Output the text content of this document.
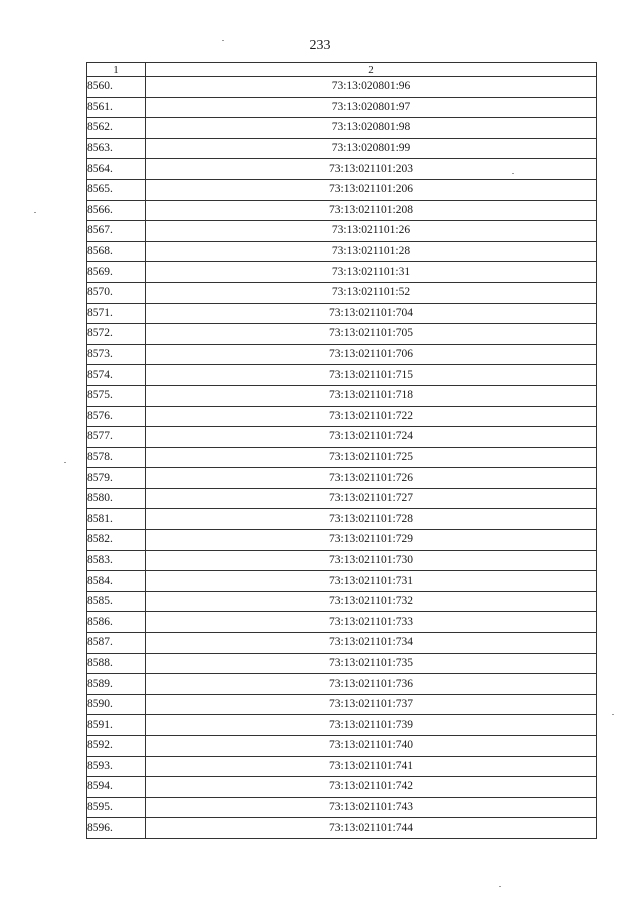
233
1	2
8560.	73:13:020801:96
8561.	73:13:020801:97
8562.	73:13:020801:98
8563.	73:13:020801:99
8564.	73:13:021101:203
8565.	73:13:021101:206
8566.	73:13:021101:208
8567.	73:13:021101:26
8568.	73:13:021101:28
8569.	73:13:021101:31
8570.	73:13:021101:52
8571.	73:13:021101:704
8572.	73:13:021101:705
8573.	73:13:021101:706
8574.	73:13:021101:715
8575.	73:13:021101:718
8576.	73:13:021101:722
8577.	73:13:021101:724
8578.	73:13:021101:725
8579.	73:13:021101:726
8580.	73:13:021101:727
8581.	73:13:021101:728
8582.	73:13:021101:729
8583.	73:13:021101:730
8584.	73:13:021101:731
8585.	73:13:021101:732
8586.	73:13:021101:733
8587.	73:13:021101:734
8588.	73:13:021101:735
8589.	73:13:021101:736
8590.	73:13:021101:737
8591.	73:13:021101:739
8592.	73:13:021101:740
8593.	73:13:021101:741
8594.	73:13:021101:742
8595.	73:13:021101:743
8596.	73:13:021101:744
